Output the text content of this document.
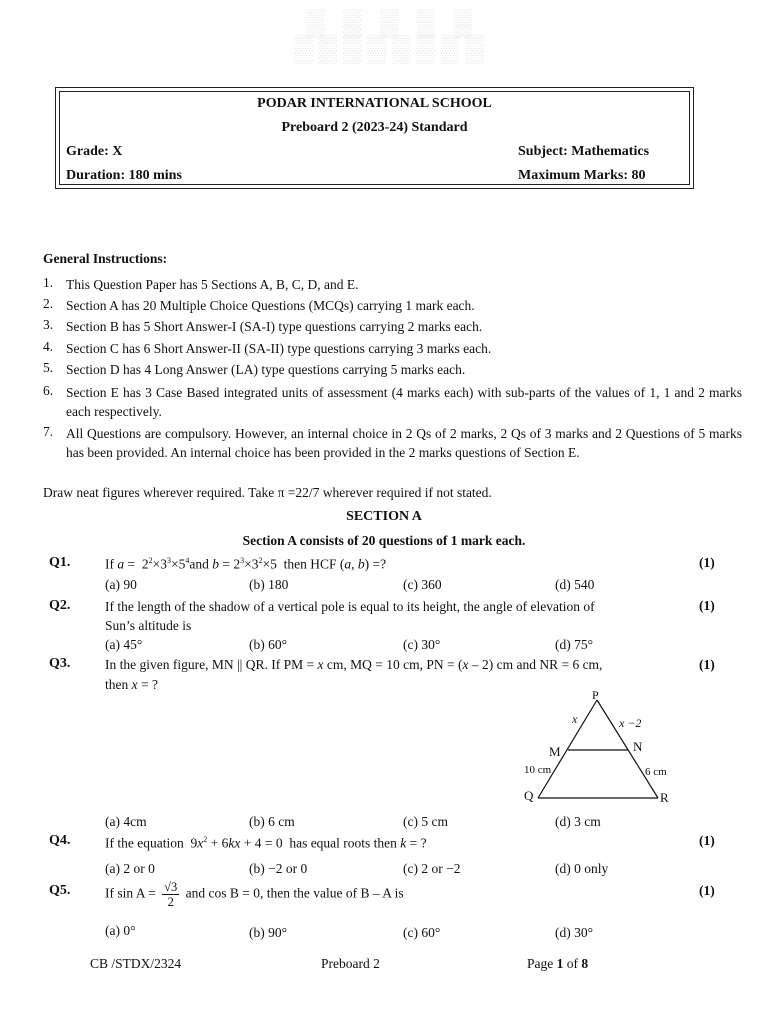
▒ ▒ ▒ ▒ ▒
▒▒▒▒▒▒▒▒
PODAR INTERNATIONAL SCHOOL
Preboard 2 (2023-24) Standard
Grade: X	Subject: Mathematics
Duration: 180 mins	Maximum Marks: 80
General Instructions:
1. This Question Paper has 5 Sections A, B, C, D, and E.
2. Section A has 20 Multiple Choice Questions (MCQs) carrying 1 mark each.
3. Section B has 5 Short Answer-I (SA-I) type questions carrying 2 marks each.
4. Section C has 6 Short Answer-II (SA-II) type questions carrying 3 marks each.
5. Section D has 4 Long Answer (LA) type questions carrying 5 marks each.
6. Section E has 3 Case Based integrated units of assessment (4 marks each) with sub-parts of the values of 1, 1 and 2 marks each respectively.
7. All Questions are compulsory. However, an internal choice in 2 Qs of 2 marks, 2 Qs of 3 marks and 2 Questions of 5 marks has been provided. An internal choice has been provided in the 2 marks questions of Section E.
Draw neat figures wherever required. Take π =22/7 wherever required if not stated.
SECTION A
Section A consists of 20 questions of 1 mark each.
Q1.	If $a = 2^2\times 3^3\times 5^4and$ $b = 2^3\times 3^2\times 5$  then HCF (a, b) =?	(1)
(a) 90	(b) 180	(c) 360	(d) 540
Q2.	If the length of the shadow of a vertical pole is equal to its height, the angle of elevation of
Sun’s altitude is
(1)
(a) 45°	(b) 60°	(c) 30°	(d) 75°
Q3.	In the given figure, MN || QR. If PM = x cm, MQ = 10 cm, PN = (x – 2) cm and NR = 6 cm,
then x = ?
(1)
P
x	x −2
M	N
10 cm	6 cm
Q	R
(a) 4cm	(b) 6 cm	(c) 5 cm	(d) 3 cm
Q4.	If the equation  $9x^2 + 6kx + 4 = 0$  has equal roots then k = ?	(1)
(a) 2 or 0	(b) −2 or 0	(c) 2 or −2	(d) 0 only
Q5.	If $\sin A = \frac{√3}{2}$ and cos B = 0, then the value of B – A is	(1)
(a) 0°	(b) 90°	(c) 60°	(d) 30°
CB /STDX/2324	Preboard 2	Page 1 of 8
